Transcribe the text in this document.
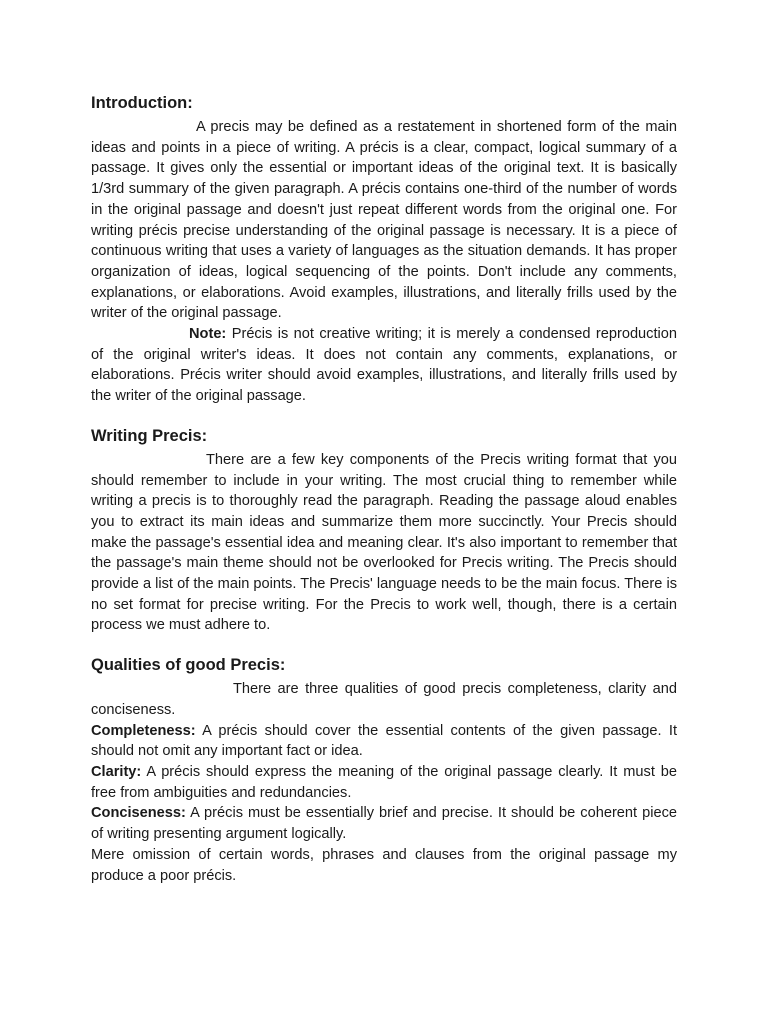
Introduction:

A precis may be defined as a restatement in shortened form of the main ideas and points in a piece of writing. A précis is a clear, compact, logical summary of a passage. It gives only the essential or important ideas of the original text. It is basically 1/3rd summary of the given paragraph. A précis contains one-third of the number of words in the original passage and doesn't just repeat different words from the original one. For writing précis precise understanding of the original passage is necessary. It is a piece of continuous writing that uses a variety of languages as the situation demands. It has proper organization of ideas, logical sequencing of the points. Don't include any comments, explanations, or elaborations. Avoid examples, illustrations, and literally frills used by the writer of the original passage.

Note: Précis is not creative writing; it is merely a condensed reproduction of the original writer's ideas. It does not contain any comments, explanations, or elaborations. Précis writer should avoid examples, illustrations, and literally frills used by the writer of the original passage.

Writing Precis:

There are a few key components of the Precis writing format that you should remember to include in your writing. The most crucial thing to remember while writing a precis is to thoroughly read the paragraph. Reading the passage aloud enables you to extract its main ideas and summarize them more succinctly. Your Precis should make the passage's essential idea and meaning clear. It's also important to remember that the passage's main theme should not be overlooked for Precis writing. The Precis should provide a list of the main points. The Precis' language needs to be the main focus. There is no set format for precise writing. For the Precis to work well, though, there is a certain process we must adhere to.

Qualities of good Precis:

There are three qualities of good precis completeness, clarity and conciseness.

Completeness: A précis should cover the essential contents of the given passage. It should not omit any important fact or idea.

Clarity: A précis should express the meaning of the original passage clearly. It must be free from ambiguities and redundancies.

Conciseness: A précis must be essentially brief and precise. It should be coherent piece of writing presenting argument logically.

Mere omission of certain words, phrases and clauses from the original passage my produce a poor précis.
